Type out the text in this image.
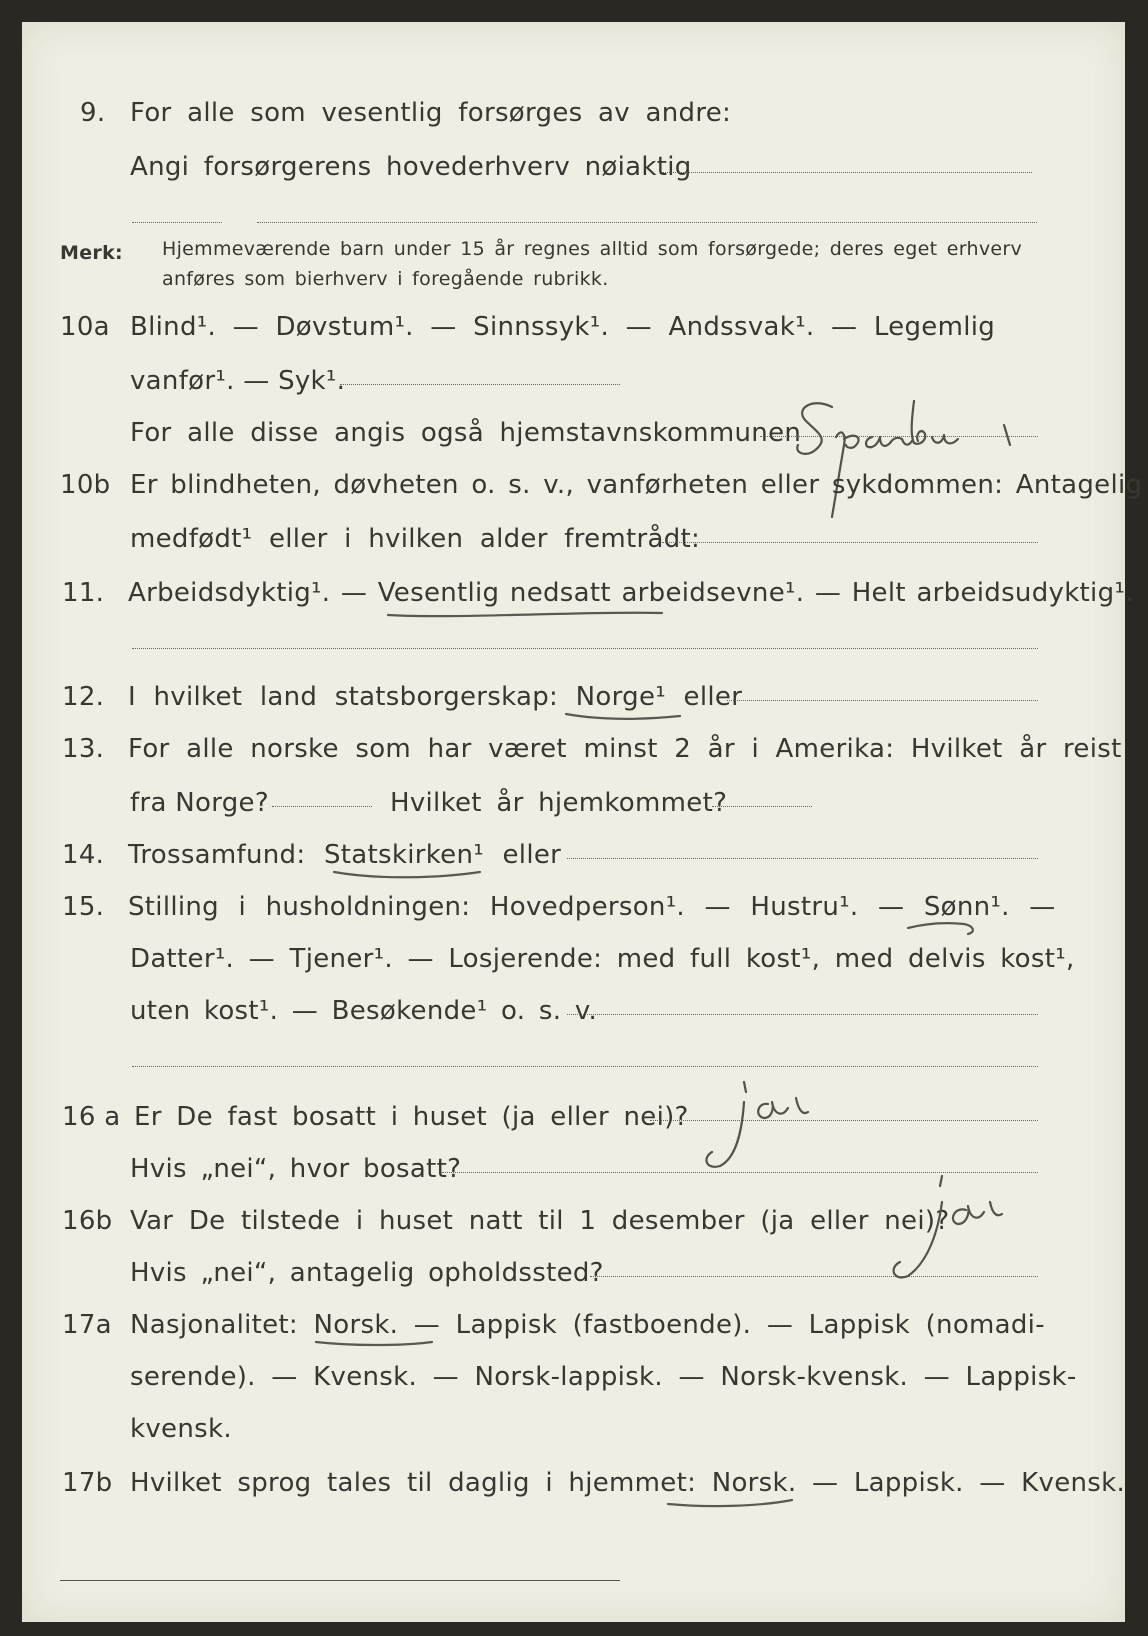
9. For alle som vesentlig forsørges av andre:
Angi forsørgerens hovederhverv nøiaktig
Merk: Hjemmeværende barn under 15 år regnes alltid som forsørgede; deres eget erhverv
anføres som bierhverv i foregående rubrikk.
10a Blind¹. — Døvstum¹. — Sinnssyk¹. — Andssvak¹. — Legemlig
vanfør¹. — Syk¹.
For alle disse angis også hjemstavnskommunen
10b Er blindheten, døvheten o. s. v., vanførheten eller sykdommen: Antagelig
medfødt¹ eller i hvilken alder fremtrådt:
11. Arbeidsdyktig¹. — Vesentlig nedsatt arbeidsevne¹. — Helt arbeidsudyktig¹.
12. I hvilket land statsborgerskap: Norge¹ eller
13. For alle norske som har været minst 2 år i Amerika: Hvilket år reist
fra Norge?	Hvilket år hjemkommet?
14. Trossamfund: Statskirken¹ eller
15. Stilling i husholdningen: Hovedperson¹. — Hustru¹. — Sønn¹. —
Datter¹. — Tjener¹. — Losjerende: med full kost¹, med delvis kost¹,
uten kost¹. — Besøkende¹ o. s. v.
16 a Er De fast bosatt i huset (ja eller nei)?
Hvis „nei“, hvor bosatt?
16b Var De tilstede i huset natt til 1 desember (ja eller nei)?
Hvis „nei“, antagelig opholdssted?
17a Nasjonalitet: Norsk. — Lappisk (fastboende). — Lappisk (nomadi-
serende). — Kvensk. — Norsk-lappisk. — Norsk-kvensk. — Lappisk-
kvensk.
17b Hvilket sprog tales til daglig i hjemmet: Norsk. — Lappisk. — Kvensk.
